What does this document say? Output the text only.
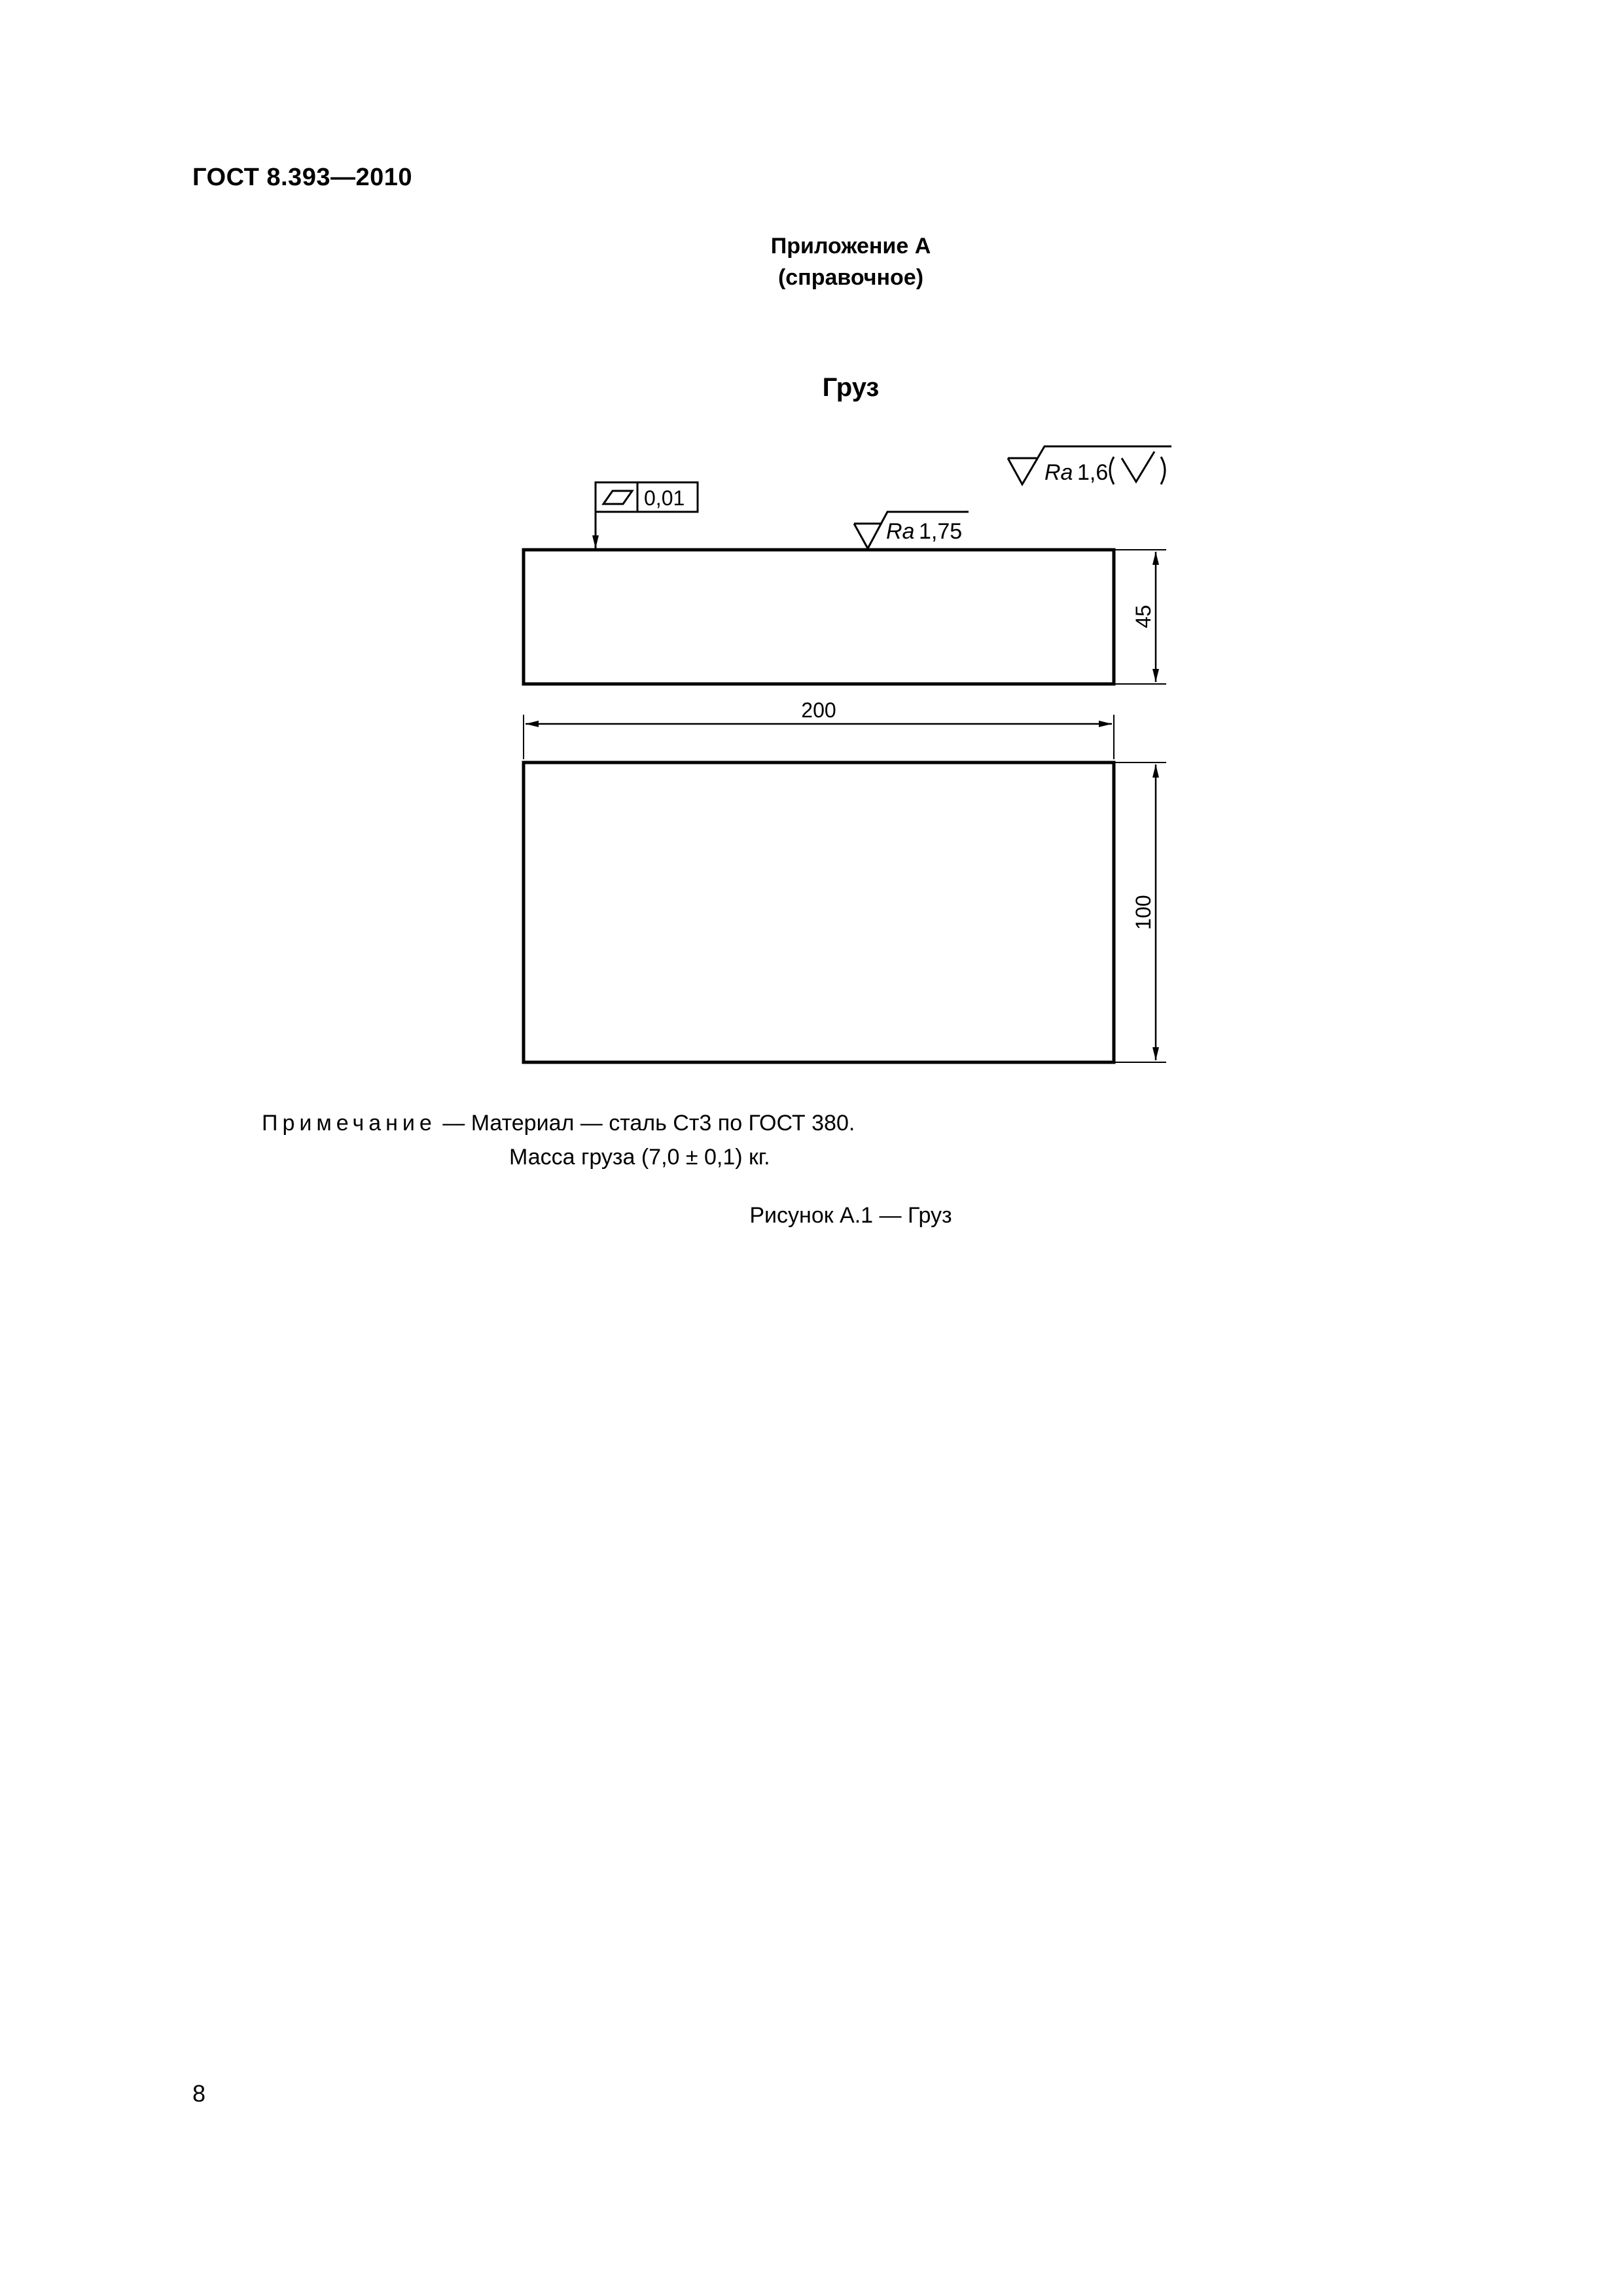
ГОСТ 8.393—2010
Приложение А
(справочное)
Груз
Ra 1,6
0,01
Ra 1,75
45
200
100
Примечание — Материал — сталь Ст3 по ГОСТ 380.
Масса груза (7,0 ± 0,1) кг.
Рисунок А.1 — Груз
8
